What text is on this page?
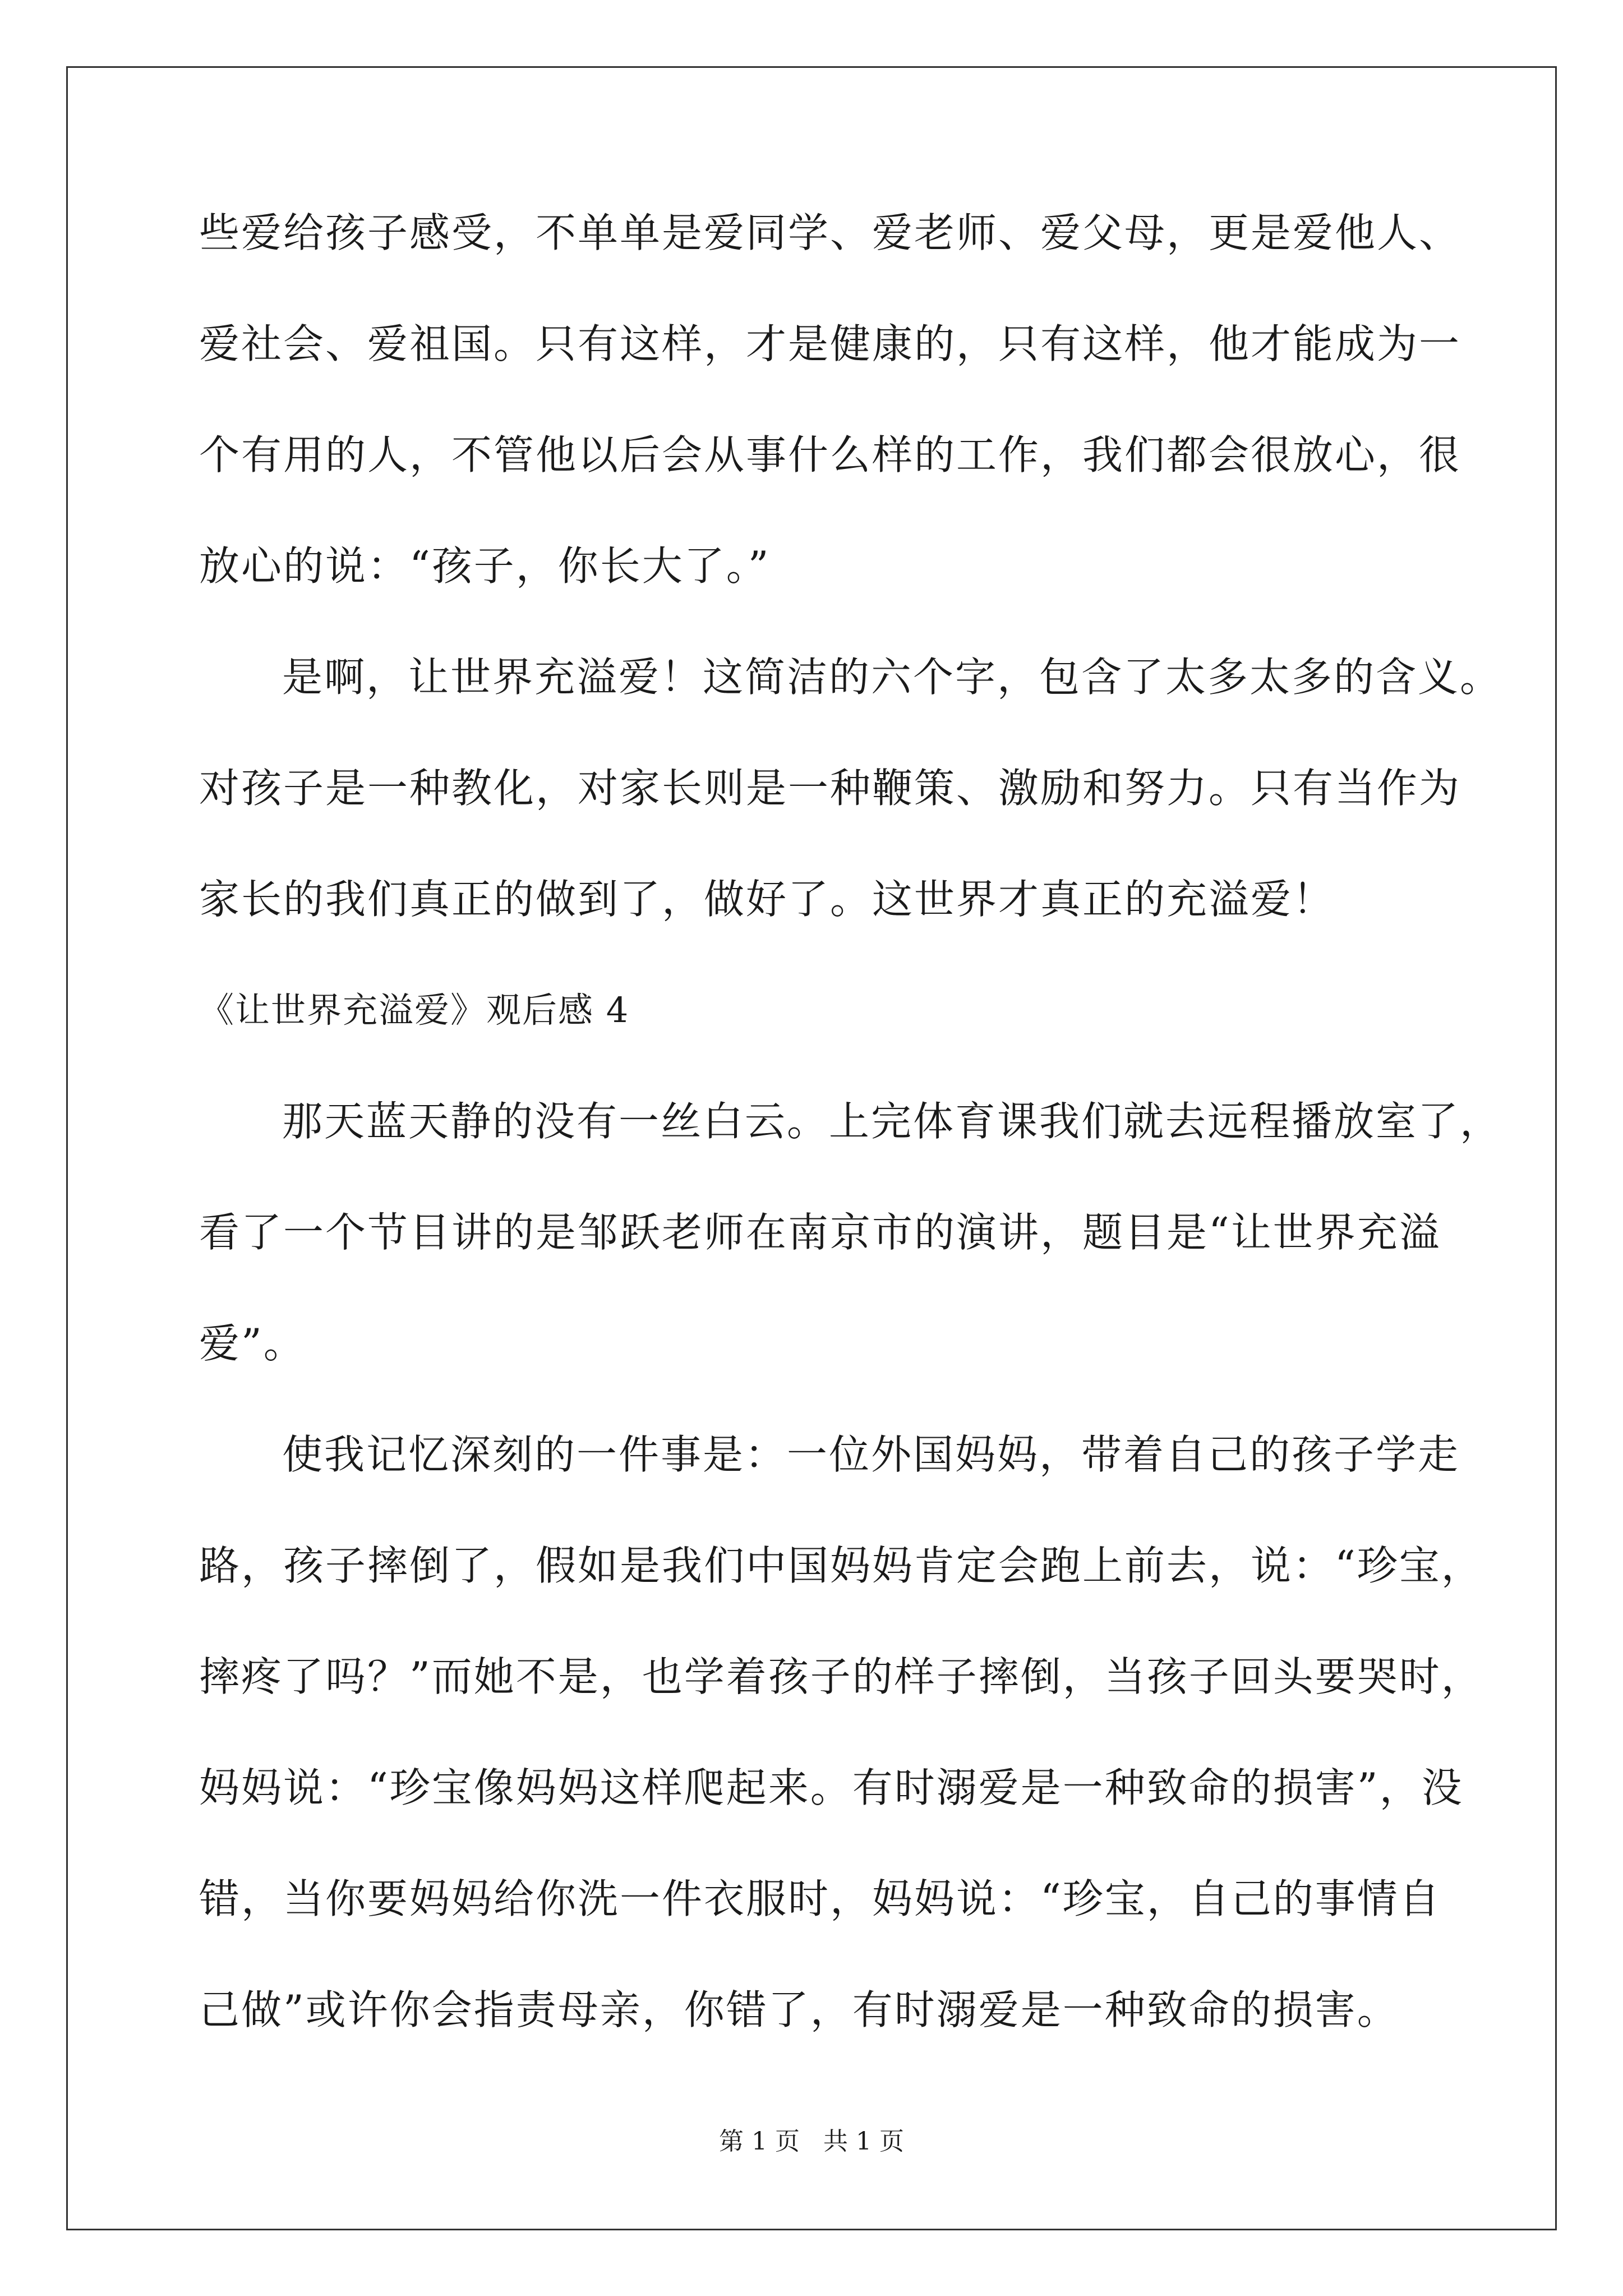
些爱给孩子感受，不单单是爱同学、爱老师、爱父母，更是爱他人、
爱社会、爱祖国。只有这样，才是健康的，只有这样，他才能成为一
个有用的人，不管他以后会从事什么样的工作，我们都会很放心，很
放心的说：“孩子，你长大了。”
是啊，让世界充溢爱！这简洁的六个字，包含了太多太多的含义。
对孩子是一种教化，对家长则是一种鞭策、激励和努力。只有当作为
家长的我们真正的做到了，做好了。这世界才真正的充溢爱！
《让世界充溢爱》观后感 4
那天蓝天静的没有一丝白云。上完体育课我们就去远程播放室了，
看了一个节目讲的是邹跃老师在南京市的演讲，题目是“让世界充溢
爱”。
使我记忆深刻的一件事是：一位外国妈妈，带着自己的孩子学走
路，孩子摔倒了，假如是我们中国妈妈肯定会跑上前去，说：“珍宝，
摔疼了吗？”而她不是，也学着孩子的样子摔倒，当孩子回头要哭时，
妈妈说：“珍宝像妈妈这样爬起来。有时溺爱是一种致命的损害”，没
错，当你要妈妈给你洗一件衣服时，妈妈说：“珍宝，自己的事情自
己做”或许你会指责母亲，你错了，有时溺爱是一种致命的损害。
第 1 页 共 1 页
